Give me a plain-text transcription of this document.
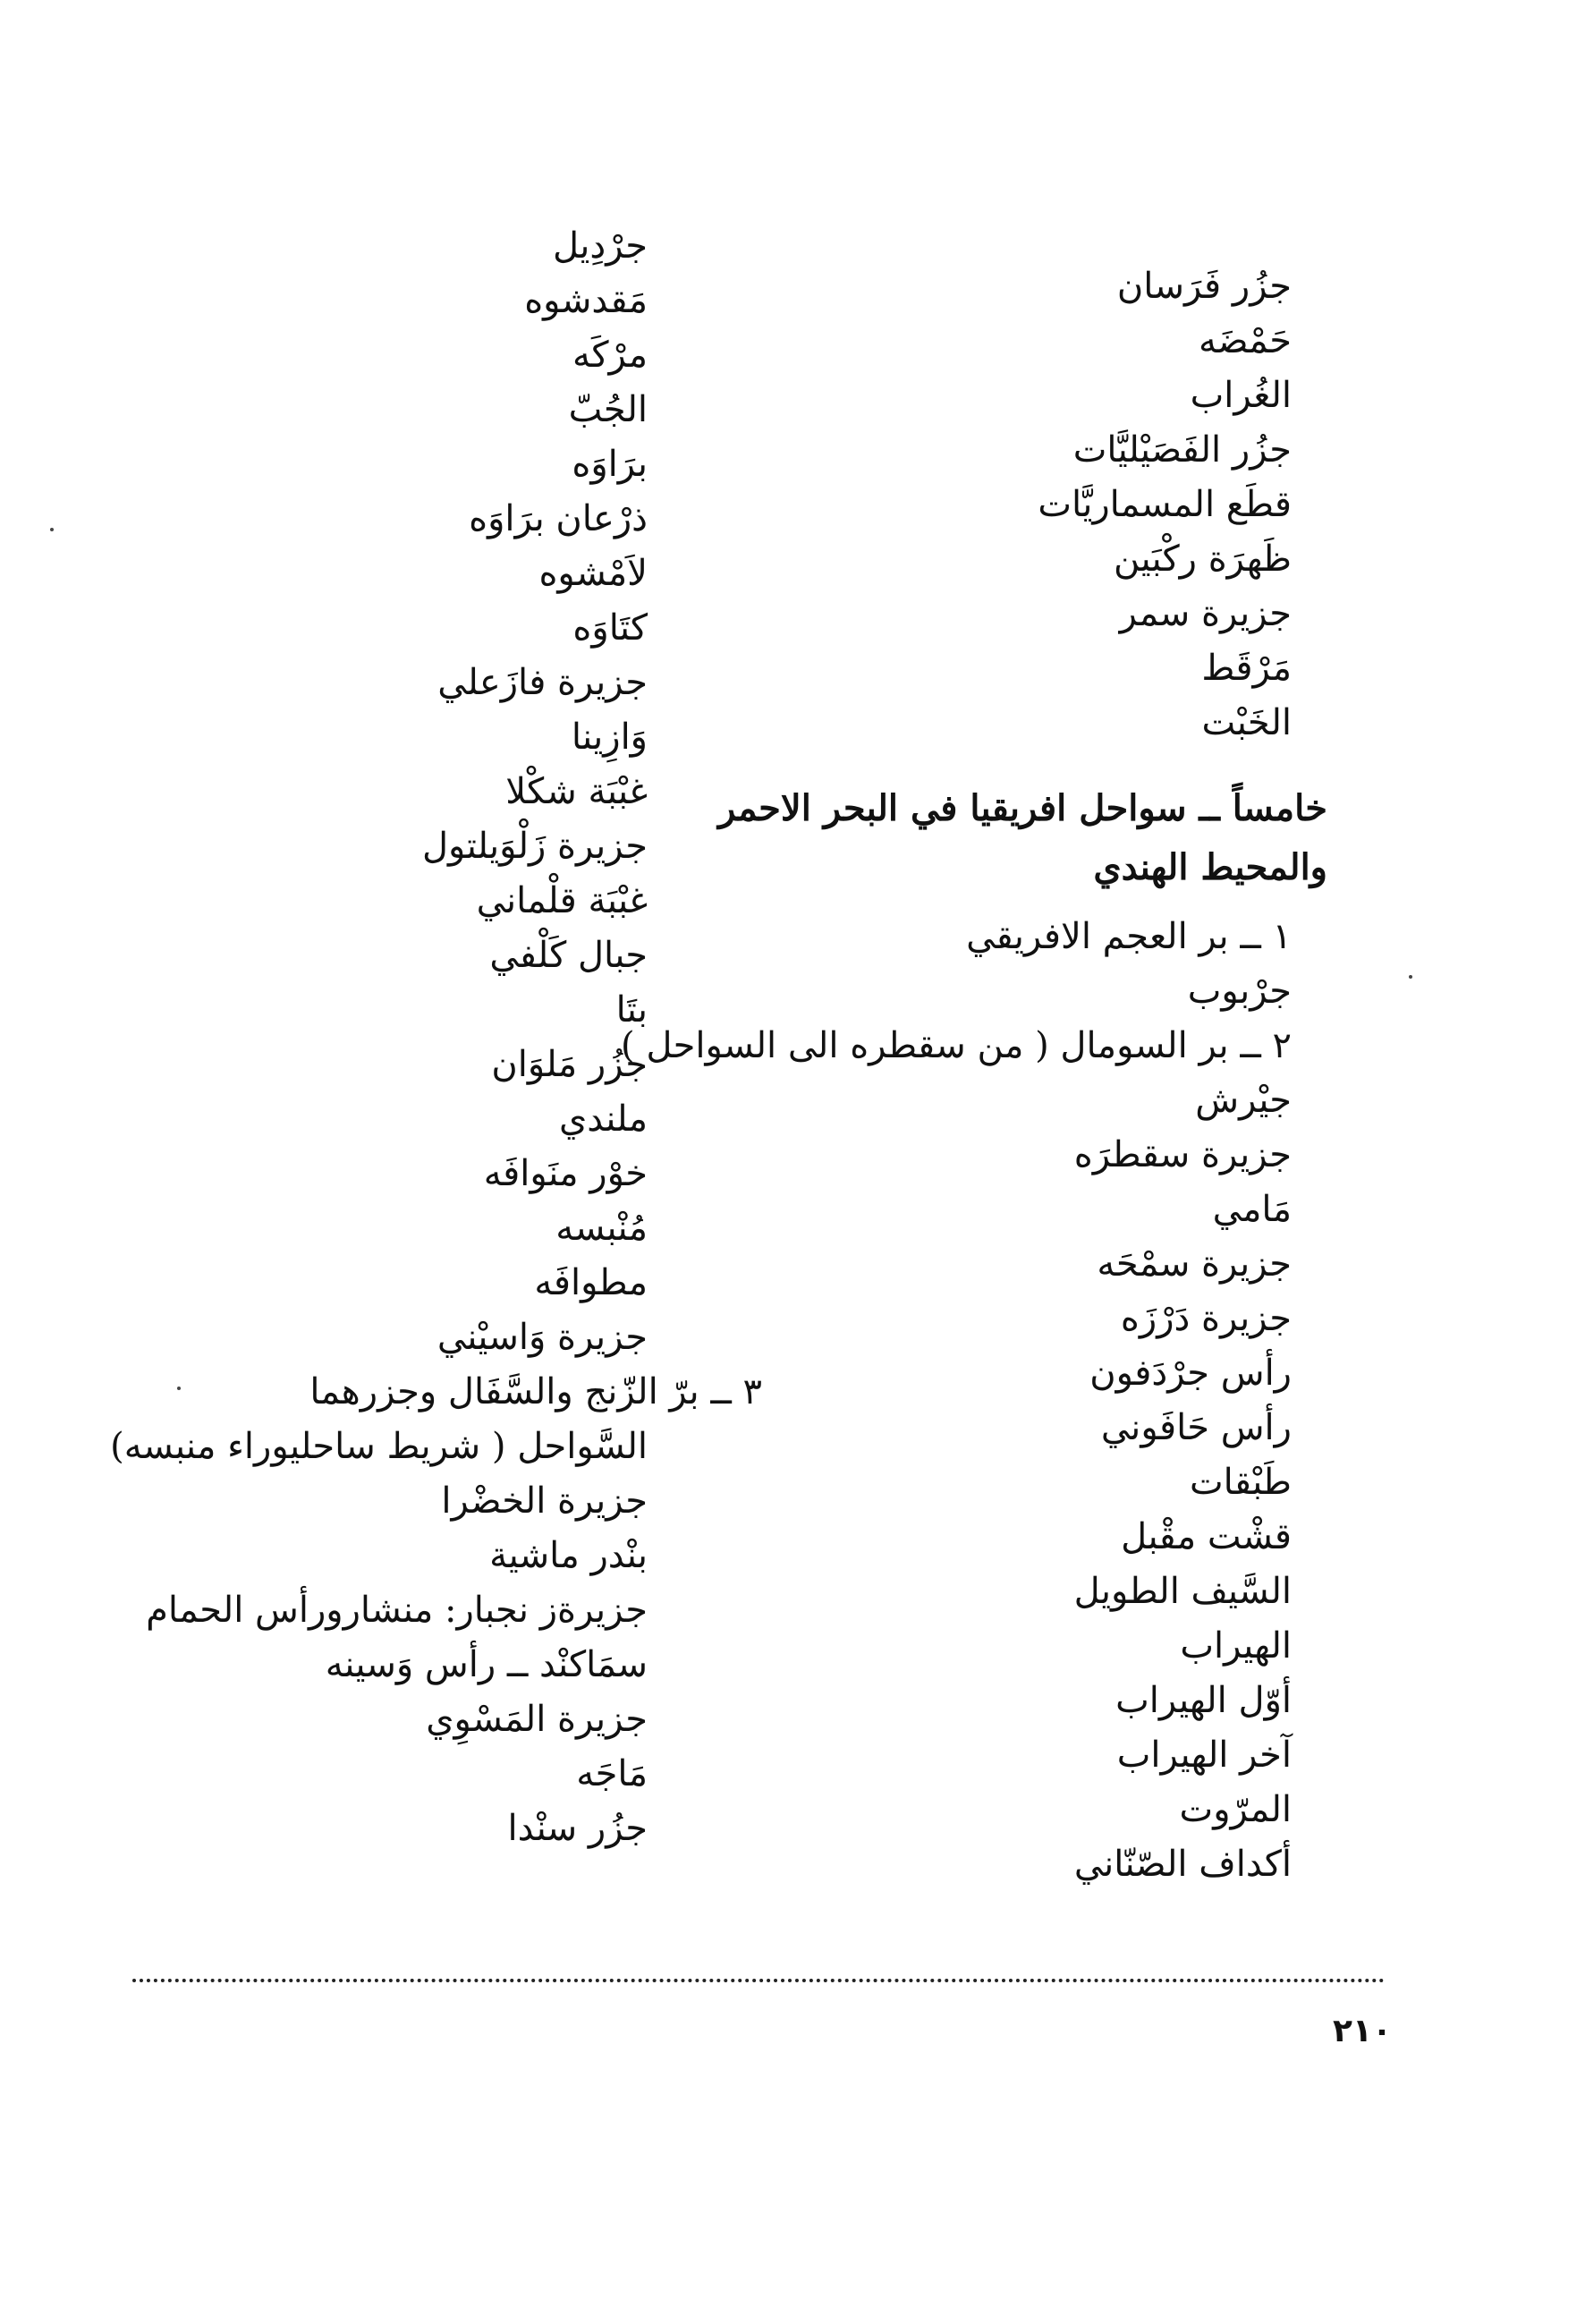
جزُر فَرَسان
حَمْضَه
الغُراب
جزُر الفَصَيْليَّات
قطَع المسماريَّات
ظَهرَة ركْبَين
جزيرة سمر
مَرْقَط
الخَبْت
خامساً ــ سواحل افريقيا في البحر الاحمر
والمحيط الهندي
١ ــ بر العجم الافريقي
جرْبوب
٢ ــ بر السومال ( من سقطره الى السواحل )
جيْرش
جزيرة سقطرَه
مَامي
جزيرة سمْحَه
جزيرة دَرْزَه
رأس جرْدَفون
رأس حَافَوني
طَبْقات
قشْت مقْبل
السَّيف الطويل
الهيراب
أوّل الهيراب
آخر الهيراب
المرّوت
أكداف الصّنّاني
جرْدِيل
مَقدشوه
مرْكَه
الجُبّ
برَاوَه
ذرْعان برَاوَه
لاَمْشوه
كتَاوَه
جزيرة فازَعلي
وَازِينا
غبْبَة شكْلا
جزيرة زَلْوَيلتول
غبْبَة قلْماني
جبال كَلْفي
بتَا
جزُر مَلوَان
ملندي
خوْر منَوافَه
مُنْبسه
مطوافَه
جزيرة وَاسيْني
٣ ــ برّ الزّنج والسَّفَال وجزرهما
السَّواحل ( شريط ساحليوراء منبسه)
جزيرة الخضْرا
بنْدر ماشية
جزيرةز نجبار: منشارورأس الحمام
سمَاكنْد ــ رأس وَسينه
جزيرة المَسْوِي
مَاجَه
جزُر سنْدا
٢١٠
